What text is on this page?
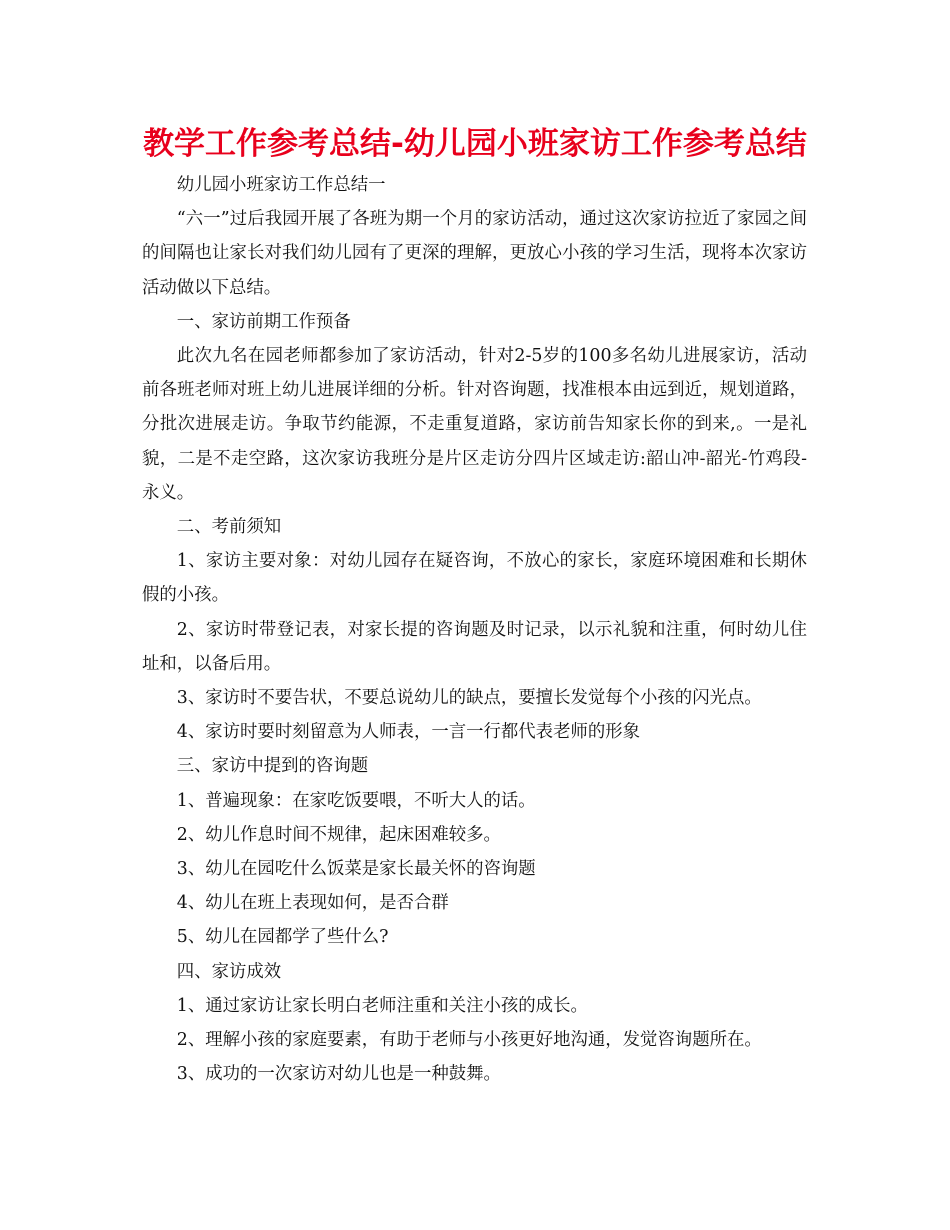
教学工作参考总结-幼儿园小班家访工作参考总结

幼儿园小班家访工作总结一

“六一”过后我园开展了各班为期一个月的家访活动，通过这次家访拉近了家园之间的间隔也让家长对我们幼儿园有了更深的理解，更放心小孩的学习生活，现将本次家访活动做以下总结。

一、家访前期工作预备

此次九名在园老师都参加了家访活动，针对2-5岁的100多名幼儿进展家访，活动前各班老师对班上幼儿进展详细的分析。针对咨询题，找准根本由远到近，规划道路，分批次进展走访。争取节约能源，不走重复道路，家访前告知家长你的到来,。一是礼貌，二是不走空路，这次家访我班分是片区走访分四片区域走访:韶山冲-韶光-竹鸡段-永义。

二、考前须知

1、家访主要对象：对幼儿园存在疑咨询，不放心的家长，家庭环境困难和长期休假的小孩。

2、家访时带登记表，对家长提的咨询题及时记录，以示礼貌和注重，何时幼儿住址和，以备后用。

3、家访时不要告状，不要总说幼儿的缺点，要擅长发觉每个小孩的闪光点。

4、家访时要时刻留意为人师表，一言一行都代表老师的形象

三、家访中提到的咨询题

1、普遍现象：在家吃饭要喂，不听大人的话。

2、幼儿作息时间不规律，起床困难较多。

3、幼儿在园吃什么饭菜是家长最关怀的咨询题

4、幼儿在班上表现如何，是否合群

5、幼儿在园都学了些什么?

四、家访成效

1、通过家访让家长明白老师注重和关注小孩的成长。

2、理解小孩的家庭要素，有助于老师与小孩更好地沟通，发觉咨询题所在。

3、成功的一次家访对幼儿也是一种鼓舞。
